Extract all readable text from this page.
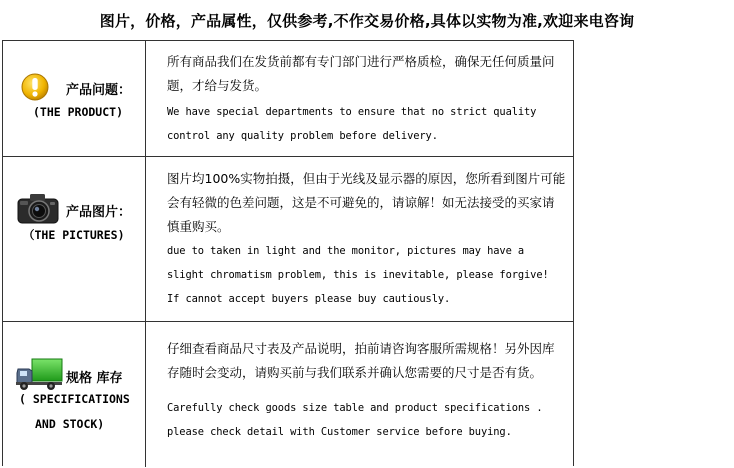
图片，价格，产品属性，仅供参考,不作交易价格,具体以实物为准,欢迎来电咨询
产品问题：
(THE PRODUCT)
所有商品我们在发货前都有专门部门进行严格质检，确保无任何质量问
题，才给与发货。
We have special departments to ensure that no strict quality
control any quality problem before delivery.
产品图片：
（THE PICTURES)
图片均100%实物拍摄，但由于光线及显示器的原因，您所看到图片可能
会有轻微的色差问题，这是不可避免的，请谅解！如无法接受的买家请
慎重购买。
due to taken in light and the monitor, pictures may have a
slight chromatism problem, this is inevitable, please forgive!
If cannot accept buyers please buy cautiously.
规格 库存
( SPECIFICATIONS
AND STOCK)
仔细查看商品尺寸表及产品说明，拍前请咨询客服所需规格！另外因库
存随时会变动，请购买前与我们联系并确认您需要的尺寸是否有货。
Carefully check goods size table and product specifications .
please check detail with Customer service before buying.
